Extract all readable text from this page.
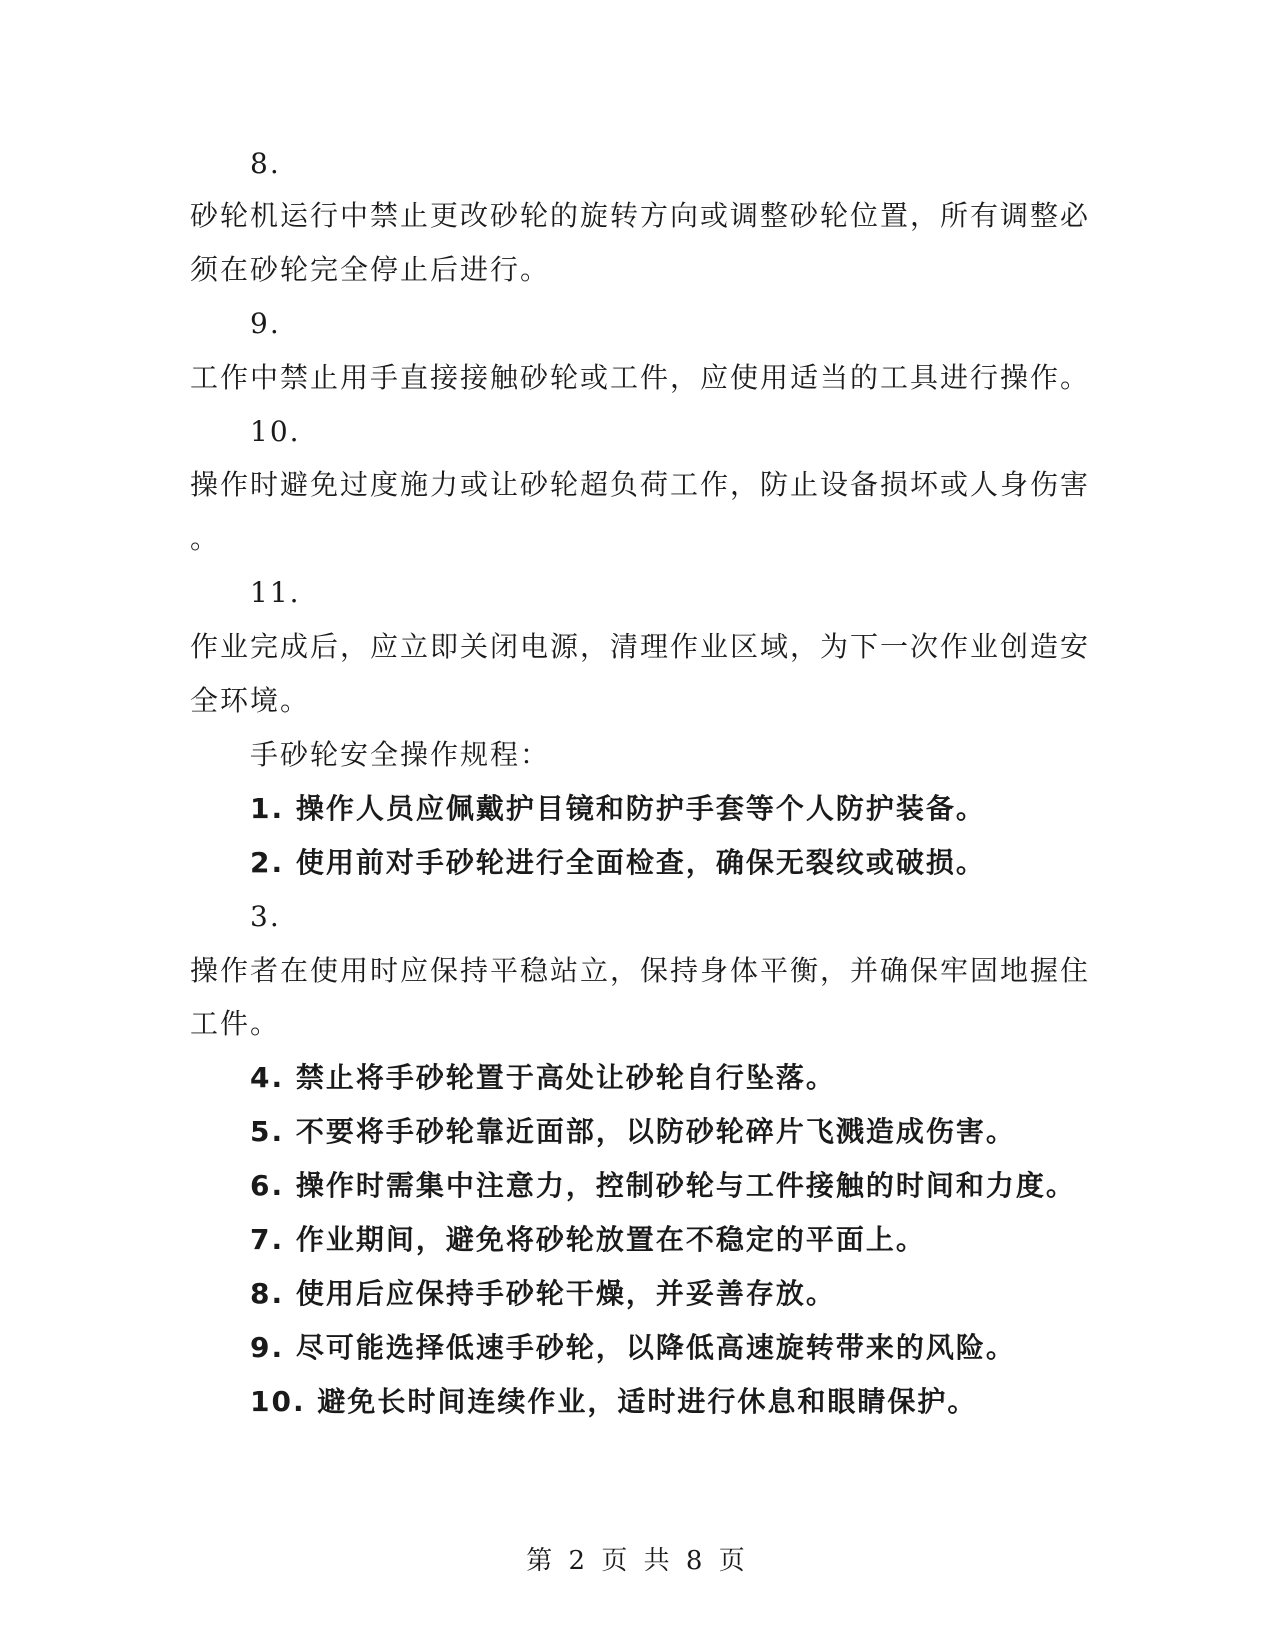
8.
砂轮机运行中禁止更改砂轮的旋转方向或调整砂轮位置，所有调整必
须在砂轮完全停止后进行。
9.
工作中禁止用手直接接触砂轮或工件，应使用适当的工具进行操作。
10.
操作时避免过度施力或让砂轮超负荷工作，防止设备损坏或人身伤害
。
11.
作业完成后，应立即关闭电源，清理作业区域，为下一次作业创造安
全环境。
手砂轮安全操作规程：
1. 操作人员应佩戴护目镜和防护手套等个人防护装备。
2. 使用前对手砂轮进行全面检查，确保无裂纹或破损。
3.
操作者在使用时应保持平稳站立，保持身体平衡，并确保牢固地握住
工件。
4. 禁止将手砂轮置于高处让砂轮自行坠落。
5. 不要将手砂轮靠近面部，以防砂轮碎片飞溅造成伤害。
6. 操作时需集中注意力，控制砂轮与工件接触的时间和力度。
7. 作业期间，避免将砂轮放置在不稳定的平面上。
8. 使用后应保持手砂轮干燥，并妥善存放。
9. 尽可能选择低速手砂轮，以降低高速旋转带来的风险。
10. 避免长时间连续作业，适时进行休息和眼睛保护。
第 2 页 共 8 页
